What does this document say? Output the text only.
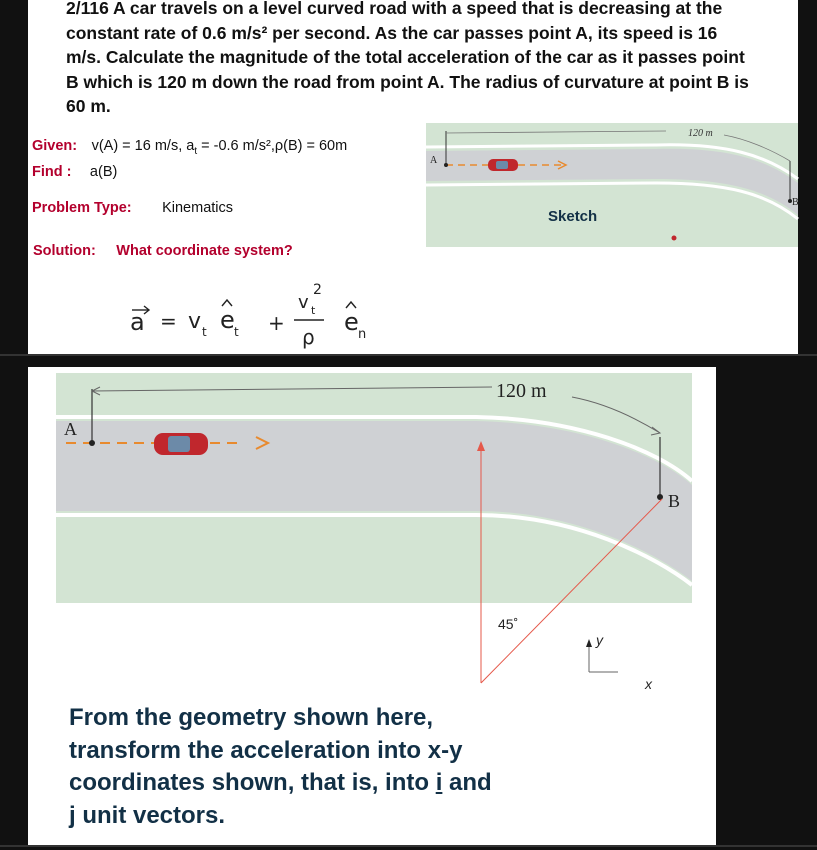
2/116 A car travels on a level curved road with a speed that is decreasing at the constant rate of 0.6 m/s² per second. As the car passes point A, its speed is 16 m/s. Calculate the magnitude of the total acceleration of the car as it passes point B which is 120 m down the road from point A. The radius of curvature at point B is 60 m.
Given: v(A) = 16 m/s, $a_t = -0.6$ m/s²,ρ(B) = 60m
Find : a(B)
Problem Type: Kinematics
Solution: What coordinate system?
a = v t e t +
v
2
t
ρ
e n
A
120 m
B
Sketch
A
120 m
B
45˚
y
x
From the geometry shown here,
transform the acceleration into x-y
coordinates shown, that is, into i and
j unit vectors.
